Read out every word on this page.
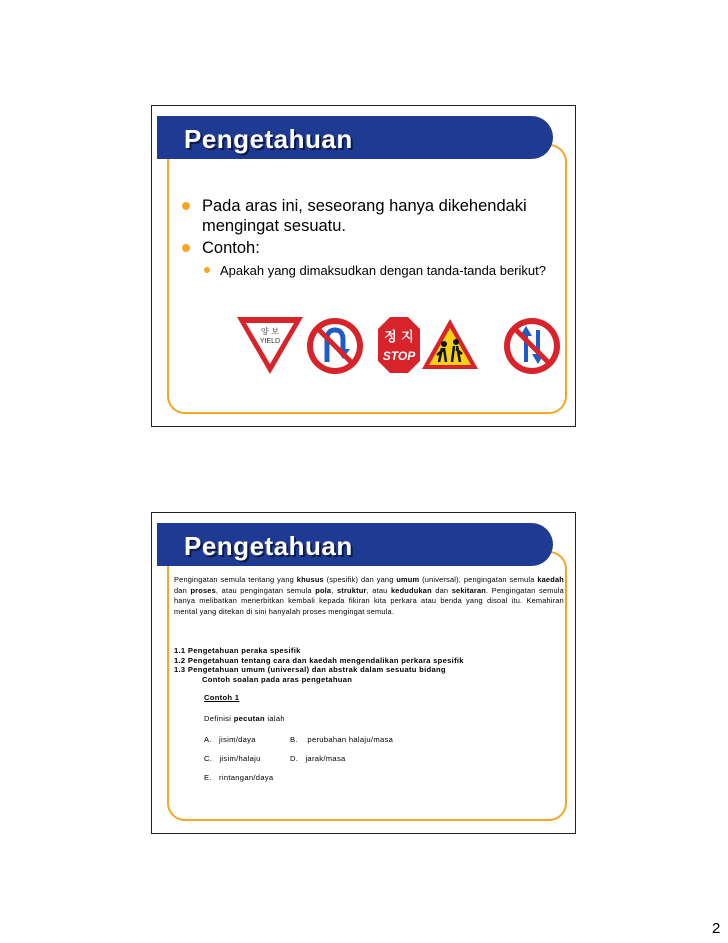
Pengetahuan
Pada aras ini, seseorang hanya dikehendaki mengingat sesuatu.
Contoh:
Apakah yang dimaksudkan dengan tanda-tanda berikut?
양 보
YIELD	정 지
STOP
Pengetahuan
Pengingatan semula tentang yang khusus (spesifik) dan yang umum (universal), pengingatan semula kaedah dan proses, atau pengingatan semula pola, struktur, atau kedudukan dan sekitaran. Pengingatan semula hanya melibatkan menerbitkan kembali kepada fikiran kita perkara atau benda yang disoal itu. Kemahiran mental yang ditekan di sini hanyalah proses mengingat semula.
1.1 Pengetahuan peraka spesifik
1.2 Pengetahuan tentang cara dan kaedah mengendalikan perkara spesifik
1.3 Pengetahuan umum (universal) dan abstrak dalam sesuatu bidang
Contoh soalan pada aras pengetahuan
Contoh 1
Definisi pecutan ialah
A. jisim/daya	B. perubahan halaju/masa
C. jisim/halaju	D. jarak/masa
E. rintangan/daya
2
